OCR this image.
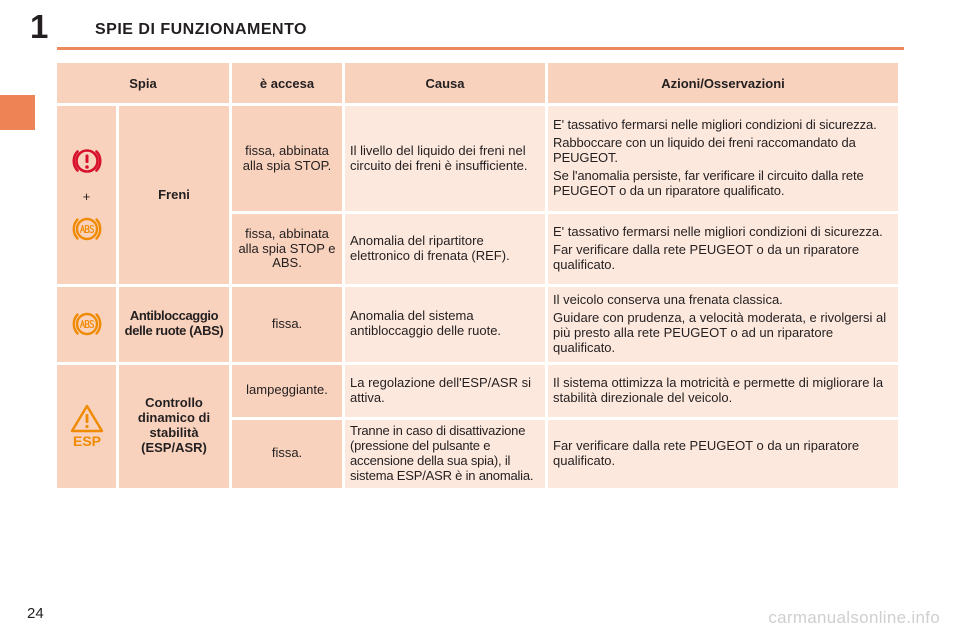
1	SPIE DI FUNZIONAMENTO
Spia		è accesa	Causa	Azioni/Osservazioni

+	Freni	fissa, abbinata alla spia STOP.	Il livello del liquido dei freni nel circuito dei freni è insufficiente.	E' tassativo fermarsi nelle migliori condizioni di sicurezza.

Rabboccare con un liquido dei freni raccomandato da PEUGEOT.

Se l'anomalia persiste, far verificare il circuito dalla rete PEUGEOT o da un riparatore qualificato.

		fissa, abbinata alla spia STOP e ABS.	Anomalia del ripartitore elettronico di frenata (REF).	E' tassativo fermarsi nelle migliori condizioni di sicurezza.

Far verificare dalla rete PEUGEOT o da un riparatore qualificato.

	Antibloccaggio delle ruote (ABS)	fissa.	Anomalia del sistema antibloccaggio delle ruote.	Il veicolo conserva una frenata classica.

Guidare con prudenza, a velocità moderata, e rivolgersi al più presto alla rete PEUGEOT o ad un riparatore qualificato.

ESP	Controllo dinamico di stabilità (ESP/ASR)	lampeggiante.	La regolazione dell'ESP/ASR si attiva.	Il sistema ottimizza la motricità e permette di migliorare la stabilità direzionale del veicolo.

		fissa.	Tranne in caso di disattivazione (pressione del pulsante e accensione della sua spia), il sistema ESP/ASR è in anomalia.	Far verificare dalla rete PEUGEOT o da un riparatore qualificato.

24	carmanualsonline.info
